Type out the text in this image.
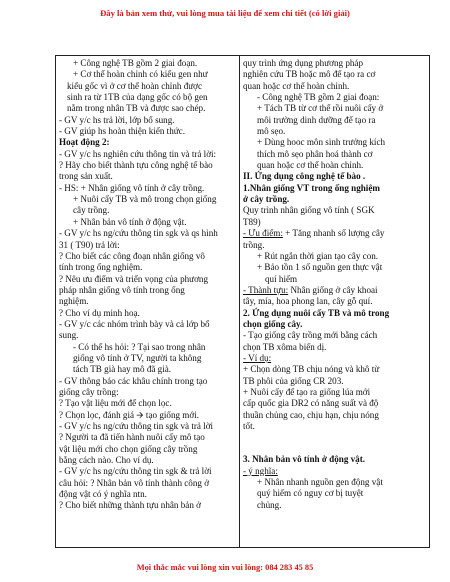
Đây là bản xem thử, vui lòng mua tài liệu để xem chi tiết (có lời giải)
+ Công nghệ TB gồm 2 giai đoạn.
+ Cơ thể hoàn chỉnh có kiểu gen như
kiểu gốc vì ở cơ thể hoàn chỉnh được
sinh ra từ 1TB của dạng gốc có bộ gen
nằm trong nhân TB và được sao chép.
- GV y/c hs trả lời, lớp bổ sung.
- GV giúp hs hoàn thiện kiến thức.
Hoạt động 2:
- GV y/c hs nghiên cứu thông tin và trả lời:
? Hãy cho biết thành tựu công nghệ tế bào
trong sản xuất.
- HS: + Nhân giống vô tính ở cây trồng.
+ Nuôi cấy TB và mô trong chọn giống
cây trồng.
+ Nhân bản vô tính ở động vật.
- GV y/c hs ng/cứu thông tin sgk và qs hình
31 ( T90) trả lời:
? Cho biết các công đoạn nhân giống vô
tính trong ống nghiệm.
? Nêu ưu điểm và triển vọng của phương
pháp nhân giống vô tính trong ống
nghiệm.
? Cho ví dụ minh hoạ.
- GV y/c các nhóm trình bày và cả lớp bổ
sung.
- Có thể hs hỏi: ? Tại sao trong nhân
giống vô tính ở TV, người ta không
tách TB già hay mô đã già.
- GV thông báo các khâu chính trong tạo
giống cây trồng:
? Tạo vật liệu mới để chọn lọc.
? Chọn lọc, đánh giá 🡪 tạo giống mới.
- GV y/c hs ng/cứu thông tin sgk và trả lời
? Người ta đã tiến hành nuôi cấy mô tạo
vật liệu mới cho chọn giống cây trồng
bằng cách nào. Cho ví dụ.
- GV y/c hs ng/cứu thông tin sgk & trả lời
câu hỏi: ? Nhân bản vô tính thành công ở
động vật có ý nghĩa ntn.
? Cho biết những thành tựu nhân bản ở
quy trình ứng dụng phương pháp
nghiên cứu TB hoặc mô để tạo ra cơ
quan hoặc cơ thể hoàn chỉnh.
- Công nghệ TB gồm 2 giai đoạn:
+ Tách TB từ cơ thể rồi nuôi cấy ở
môi trường dinh dưỡng để tạo ra
mô sẹo.
+ Dùng hooc môn sinh trưởng kích
thích mô sẹo phân hoá thành cơ
quan hoặc cơ thể hoàn chỉnh.
II. Ứng dụng công nghệ tế bào .
1.Nhân giống VT trong ống nghiệm
ở cây trồng.
Quy trình nhân giống vô tính ( SGK
T89)
- Ưu điểm: + Tăng nhanh số lượng cây
trồng.
+ Rút ngắn thời gian tạo cây con.
+ Bảo tồn 1 số nguồn gen thực vật
quí hiếm
- Thành tựu: Nhân giống ở cây khoai
tây, mía, hoa phong lan, cây gỗ quí.
2. Ứng dụng nuôi cấy TB và mô trong
chọn giống cây.
- Tạo giống cây trồng mới bằng cách
chọn TB xôma biến dị.
- Ví dụ:
+ Chọn dòng TB chịu nóng và khô từ
TB phôi của giống CR 203.
+ Nuôi cấy để tạo ra giống lúa mới
cấp quốc gia DR2 có năng suất và độ
thuần chủng cao, chịu hạn, chịu nóng
tốt.
3. Nhân bản vô tính ở động vật.
- ý nghĩa:
+ Nhân nhanh nguồn gen động vật
quý hiếm có nguy cơ bị tuyệt
chủng.
Mọi thắc mắc vui lòng xin vui lòng: 084 283 45 85
